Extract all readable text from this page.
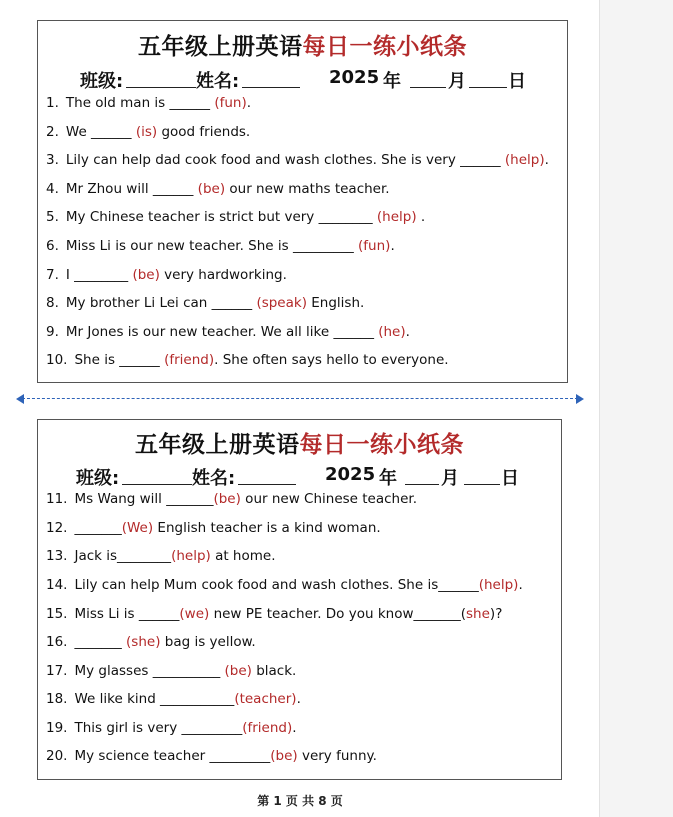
五年级上册英语每日一练小纸条
班级:	姓名:	2025 年	月 日
1. The old man is ______ (fun).
2. We ______ (is) good friends.
3. Lily can help dad cook food and wash clothes. She is very ______ (help).
4. Mr Zhou will ______ (be) our new maths teacher.
5. My Chinese teacher is strict but very ________ (help) .
6. Miss Li is our new teacher. She is _________ (fun).
7. I ________ (be) very hardworking.
8. My brother Li Lei can ______ (speak) English.
9. Mr Jones is our new teacher. We all like ______ (he).
10. She is ______ (friend). She often says hello to everyone.
五年级上册英语每日一练小纸条
班级:	姓名:	2025 年 月 日
11. Ms Wang will _______(be) our new Chinese teacher.
12. _______(We) English teacher is a kind woman.
13. Jack is________(help) at home.
14. Lily can help Mum cook food and wash clothes. She is______(help).
15. Miss Li is ______(we) new PE teacher. Do you know_______(she)?
16. _______ (she) bag is yellow.
17. My glasses __________ (be) black.
18. We like kind ___________(teacher).
19. This girl is very _________(friend).
20. My science teacher _________(be) very funny.
第 1 页 共 8 页
